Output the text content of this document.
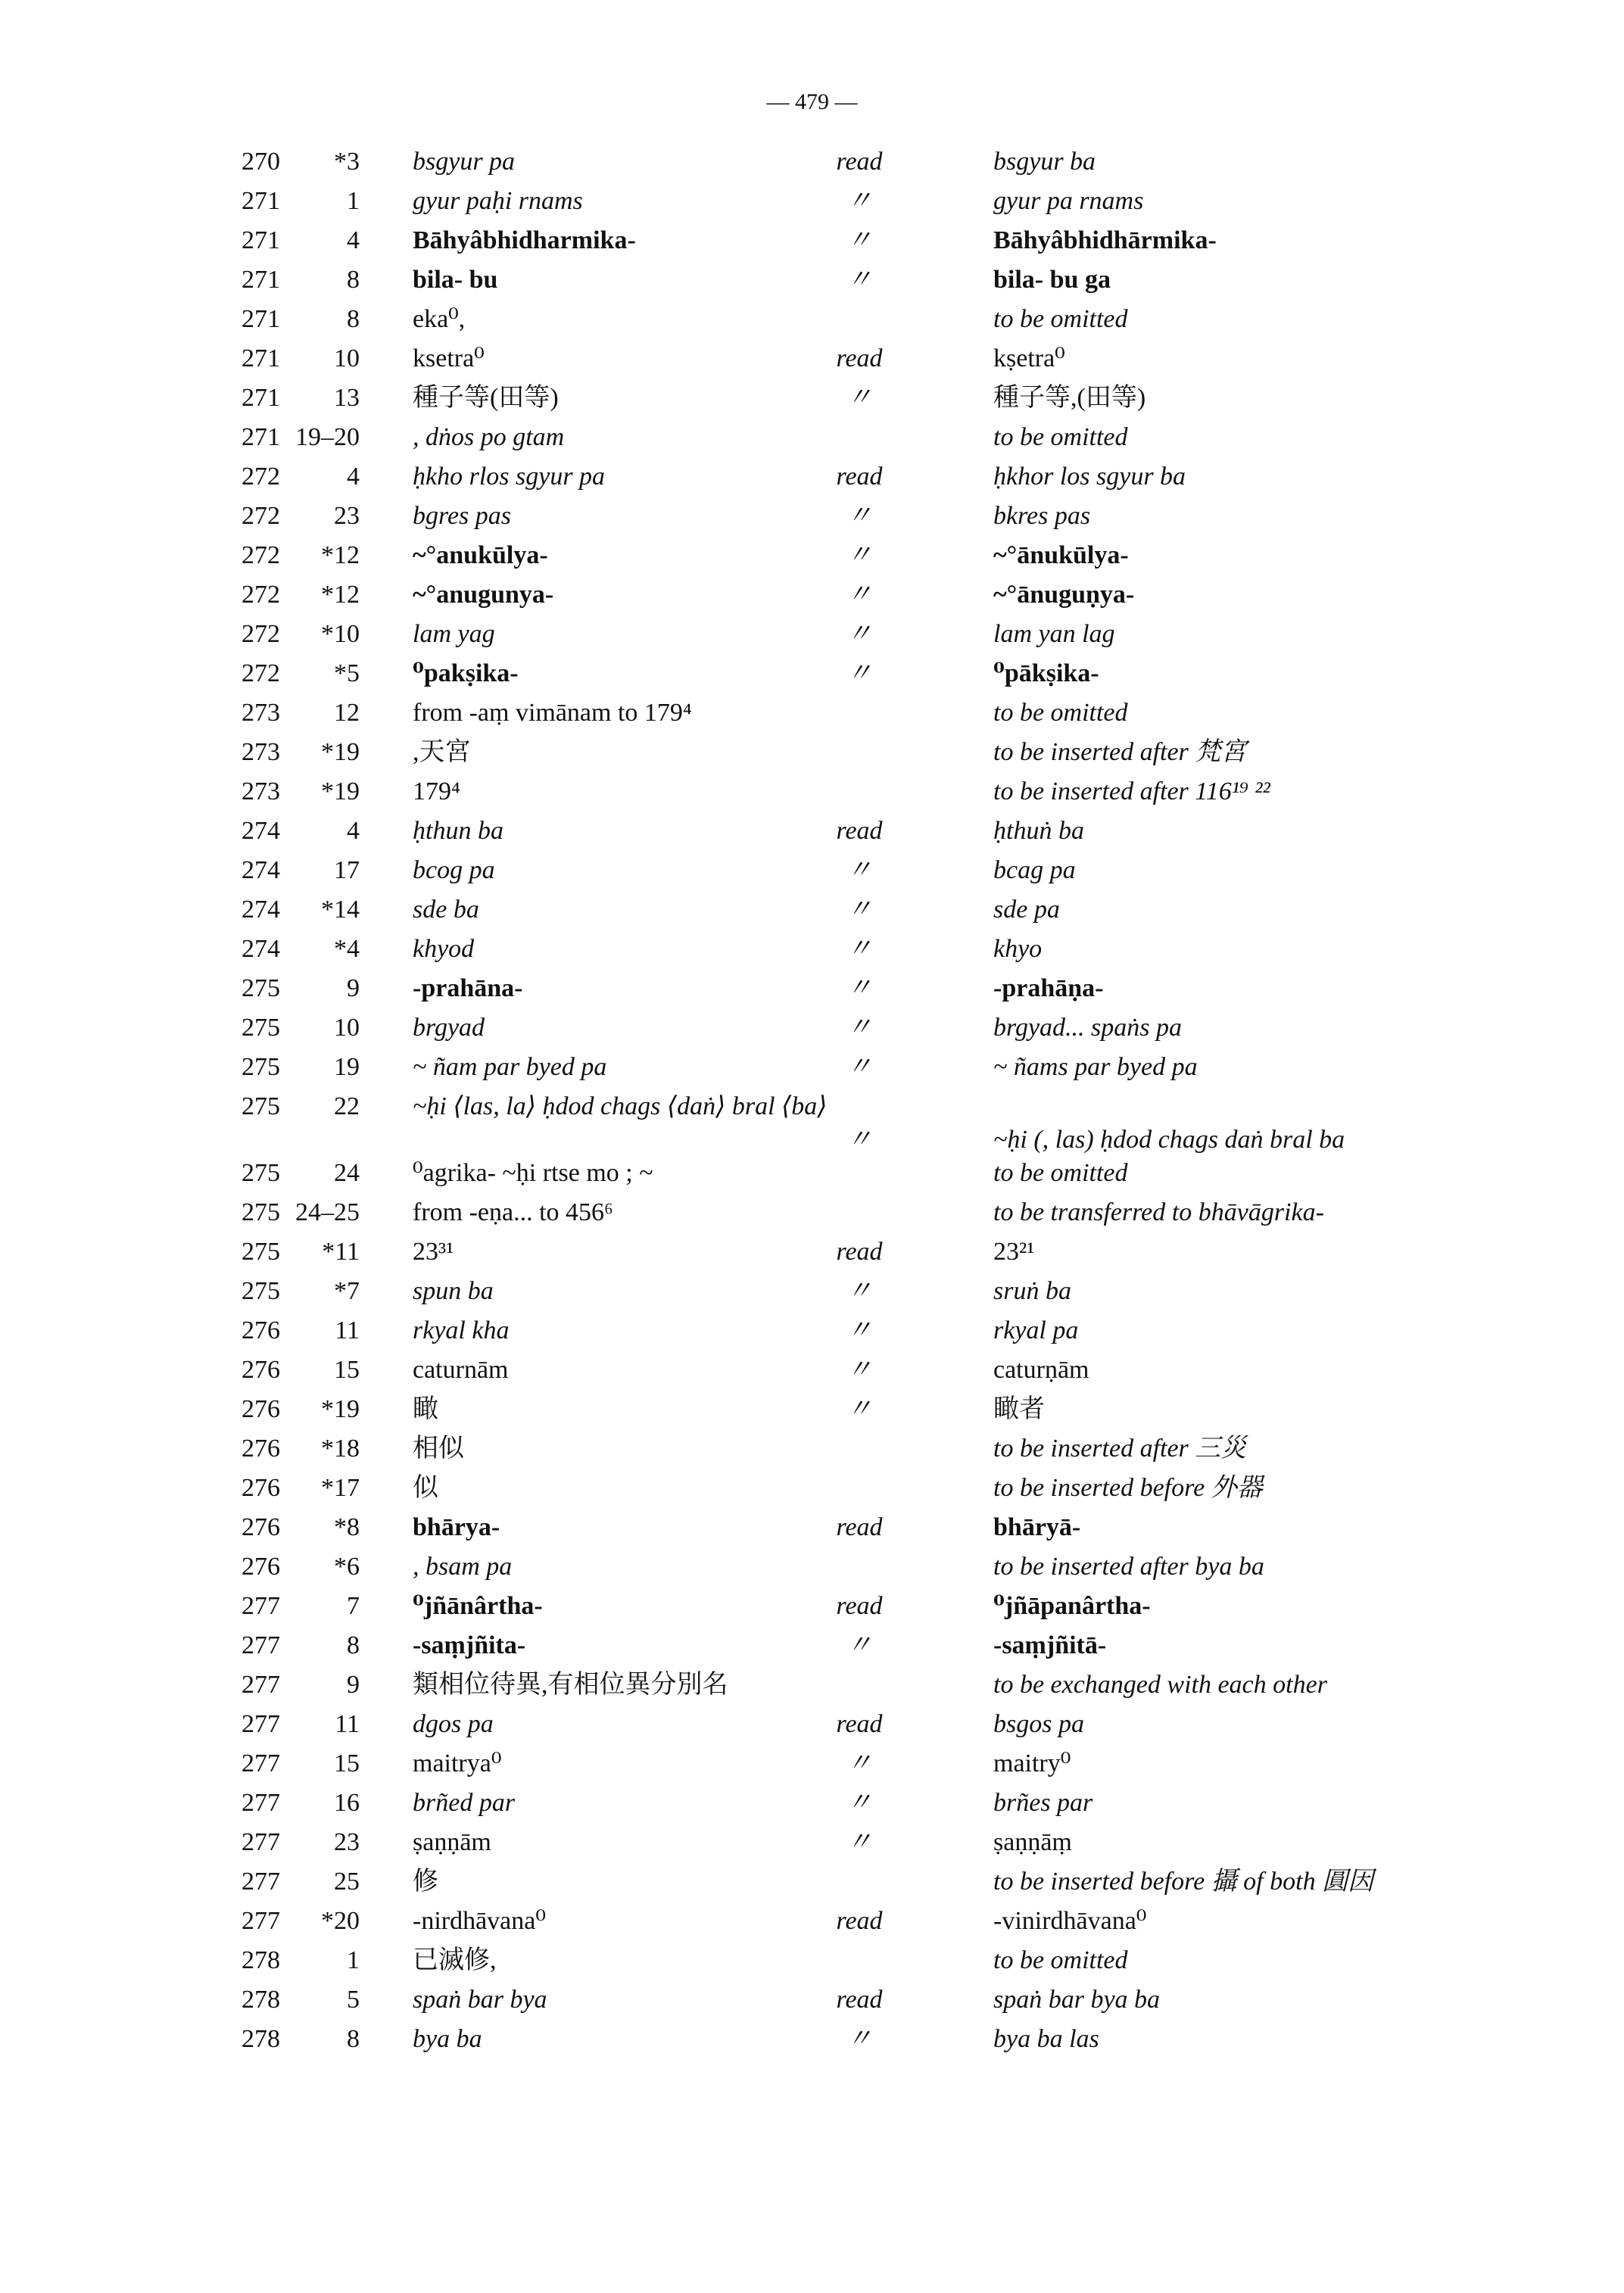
— 479 —
270	*3 bsgyur pa	read	bsgyur ba
271	1 gyur paḥi rnams	〃	gyur pa rnams
271	4 Bāhyâbhidharmika-	〃	Bāhyâbhidhārmika-
271	8 bila- bu	〃	bila- bu ga
271	8 eka⁰,	to be omitted
271	10 ksetra⁰	read	kṣetra⁰
271	13 種子等(田等)	〃	種子等,(田等)
271 19–20 , dṅos po gtam	to be omitted
272	4 ḥkho rlos sgyur pa	read	ḥkhor los sgyur ba
272	23 bgres pas	〃	bkres pas
272	*12 ~°anukūlya-	〃	~°ānukūlya-
272	*12 ~°anugunya-	〃	~°ānuguṇya-
272	*10 lam yag	〃	lam yan lag
272	*5 ⁰pakṣika-	〃	⁰pākṣika-
273	12 from -aṃ vimānam to 179⁴	to be omitted
273	*19 ,天宮	to be inserted after 梵宮
273	*19 179⁴	to be inserted after 116¹⁹ ²²
274	4 ḥthun ba	read	ḥthuṅ ba
274	17 bcog pa	〃	bcag pa
274	*14 sde ba	〃	sde pa
274	*4 khyod	〃	khyo
275	9 -prahāna-	〃	-prahāṇa-
275	10 brgyad	〃	brgyad... spaṅs pa
275	19 ~ ñam par byed pa	〃	~ ñams par byed pa
275	22 ~ḥi ⟨las, la⟩ ḥdod chags ⟨daṅ⟩ bral ⟨ba⟩
〃	~ḥi (, las) ḥdod chags daṅ bral ba
275	24 ⁰agrika- ~ḥi rtse mo ; ~	to be omitted
275 24–25 from -eṇa... to 456⁶	to be transferred to bhāvāgrika-
275	*11 23³¹	read	23²¹
275	*7 spun ba	〃	sruṅ ba
276	11 rkyal kha	〃	rkyal pa
276	15 caturnām	〃	caturṇām
276	*19 瞰	〃	瞰者
276	*18 相似	to be inserted after 三災
276	*17 似	to be inserted before 外器
276	*8 bhārya-	read	bhāryā-
276	*6 , bsam pa	to be inserted after bya ba
277	7 ⁰jñānârtha-	read	⁰jñāpanârtha-
277	8 -saṃjñita-	〃	-saṃjñitā-
277	9 類相位待異,有相位異分別名	to be exchanged with each other
277	11 dgos pa	read	bsgos pa
277	15 maitrya⁰	〃	maitry⁰
277	16 brñed par	〃	brñes par
277	23 ṣaṇṇām	〃	ṣaṇṇāṃ
277	25 修	to be inserted before 攝 of both 圓因
277	*20 -nirdhāvana⁰	read	-vinirdhāvana⁰
278	1 已滅修,	to be omitted
278	5 spaṅ bar bya	read	spaṅ bar bya ba
278	8 bya ba	〃	bya ba las
